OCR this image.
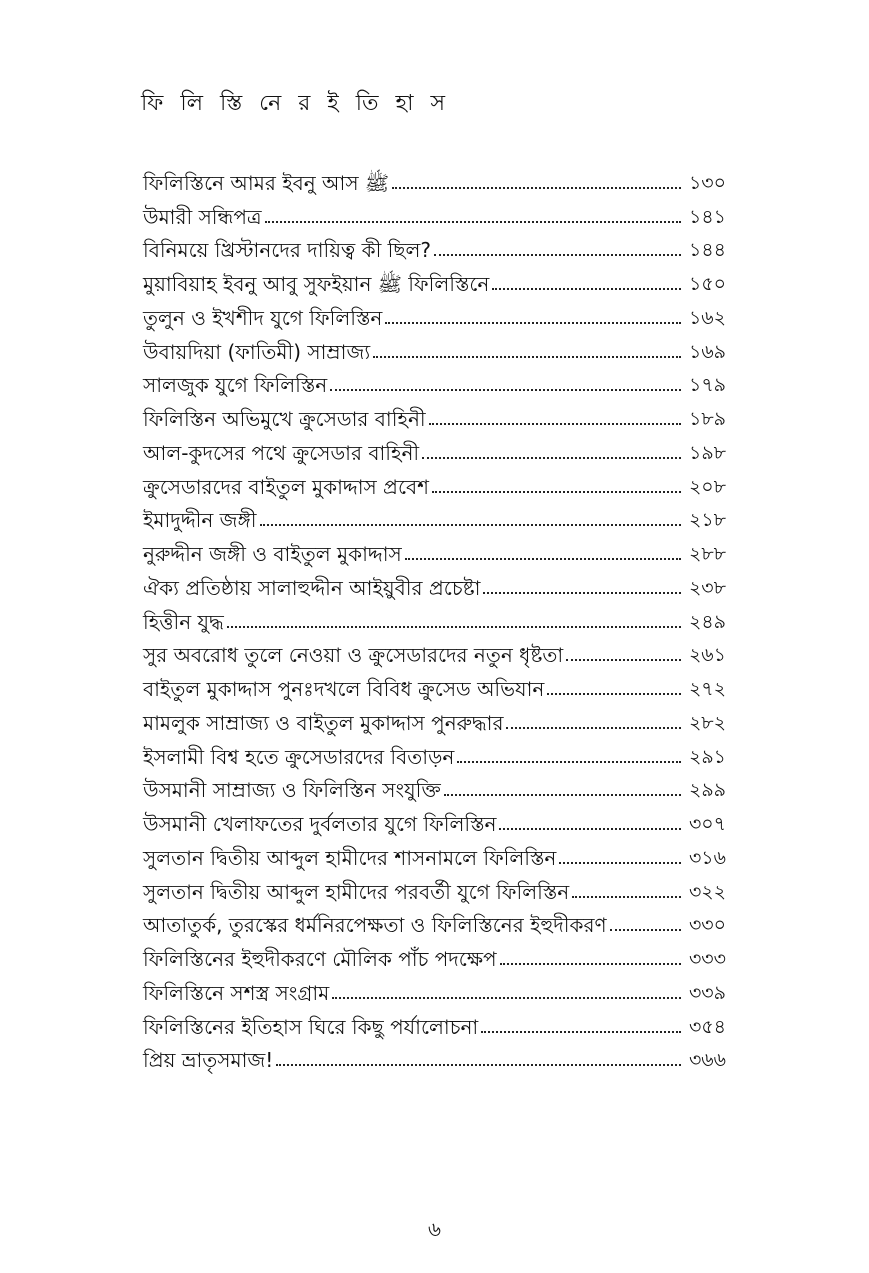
ফি লি স্তি নে র ই তি হা স
ফিলিস্তিনে আমর ইবনু আস ﷺ	১৩০
উমারী সন্ধিপত্র	১৪১
বিনিময়ে খ্রিস্টানদের দায়িত্ব কী ছিল?	১৪৪
মুয়াবিয়াহ ইবনু আবু সুফইয়ান ﷺ ফিলিস্তিনে	১৫০
তুলুন ও ইখশীদ যুগে ফিলিস্তিন	১৬২
উবায়দিয়া (ফাতিমী) সাম্রাজ্য	১৬৯
সালজুক যুগে ফিলিস্তিন	১৭৯
ফিলিস্তিন অভিমুখে ক্রুসেডার বাহিনী	১৮৯
আল-কুদসের পথে ক্রুসেডার বাহিনী	১৯৮
ক্রুসেডারদের বাইতুল মুকাদ্দাস প্রবেশ	২০৮
ইমাদুদ্দীন জঙ্গী	২১৮
নুরুদ্দীন জঙ্গী ও বাইতুল মুকাদ্দাস	২৮৮
ঐক্য প্রতিষ্ঠায় সালাহুদ্দীন আইয়ুবীর প্রচেষ্টা	২৩৮
হিত্তীন যুদ্ধ	২৪৯
সুর অবরোধ তুলে নেওয়া ও ক্রুসেডারদের নতুন ধৃষ্টতা	২৬১
বাইতুল মুকাদ্দাস পুনঃদখলে বিবিধ ক্রুসেড অভিযান	২৭২
মামলুক সাম্রাজ্য ও বাইতুল মুকাদ্দাস পুনরুদ্ধার	২৮২
ইসলামী বিশ্ব হতে ক্রুসেডারদের বিতাড়ন	২৯১
উসমানী সাম্রাজ্য ও ফিলিস্তিন সংযুক্তি	২৯৯
উসমানী খেলাফতের দুর্বলতার যুগে ফিলিস্তিন	৩০৭
সুলতান দ্বিতীয় আব্দুল হামীদের শাসনামলে ফিলিস্তিন	৩১৬
সুলতান দ্বিতীয় আব্দুল হামীদের পরবর্তী যুগে ফিলিস্তিন	৩২২
আতাতুর্ক, তুরস্কের ধর্মনিরপেক্ষতা ও ফিলিস্তিনের ইহুদীকরণ	৩৩০
ফিলিস্তিনের ইহুদীকরণে মৌলিক পাঁচ পদক্ষেপ	৩৩৩
ফিলিস্তিনে সশস্ত্র সংগ্রাম	৩৩৯
ফিলিস্তিনের ইতিহাস ঘিরে কিছু পর্যালোচনা	৩৫৪
প্রিয় ভ্রাতৃসমাজ!	৩৬৬
৬
